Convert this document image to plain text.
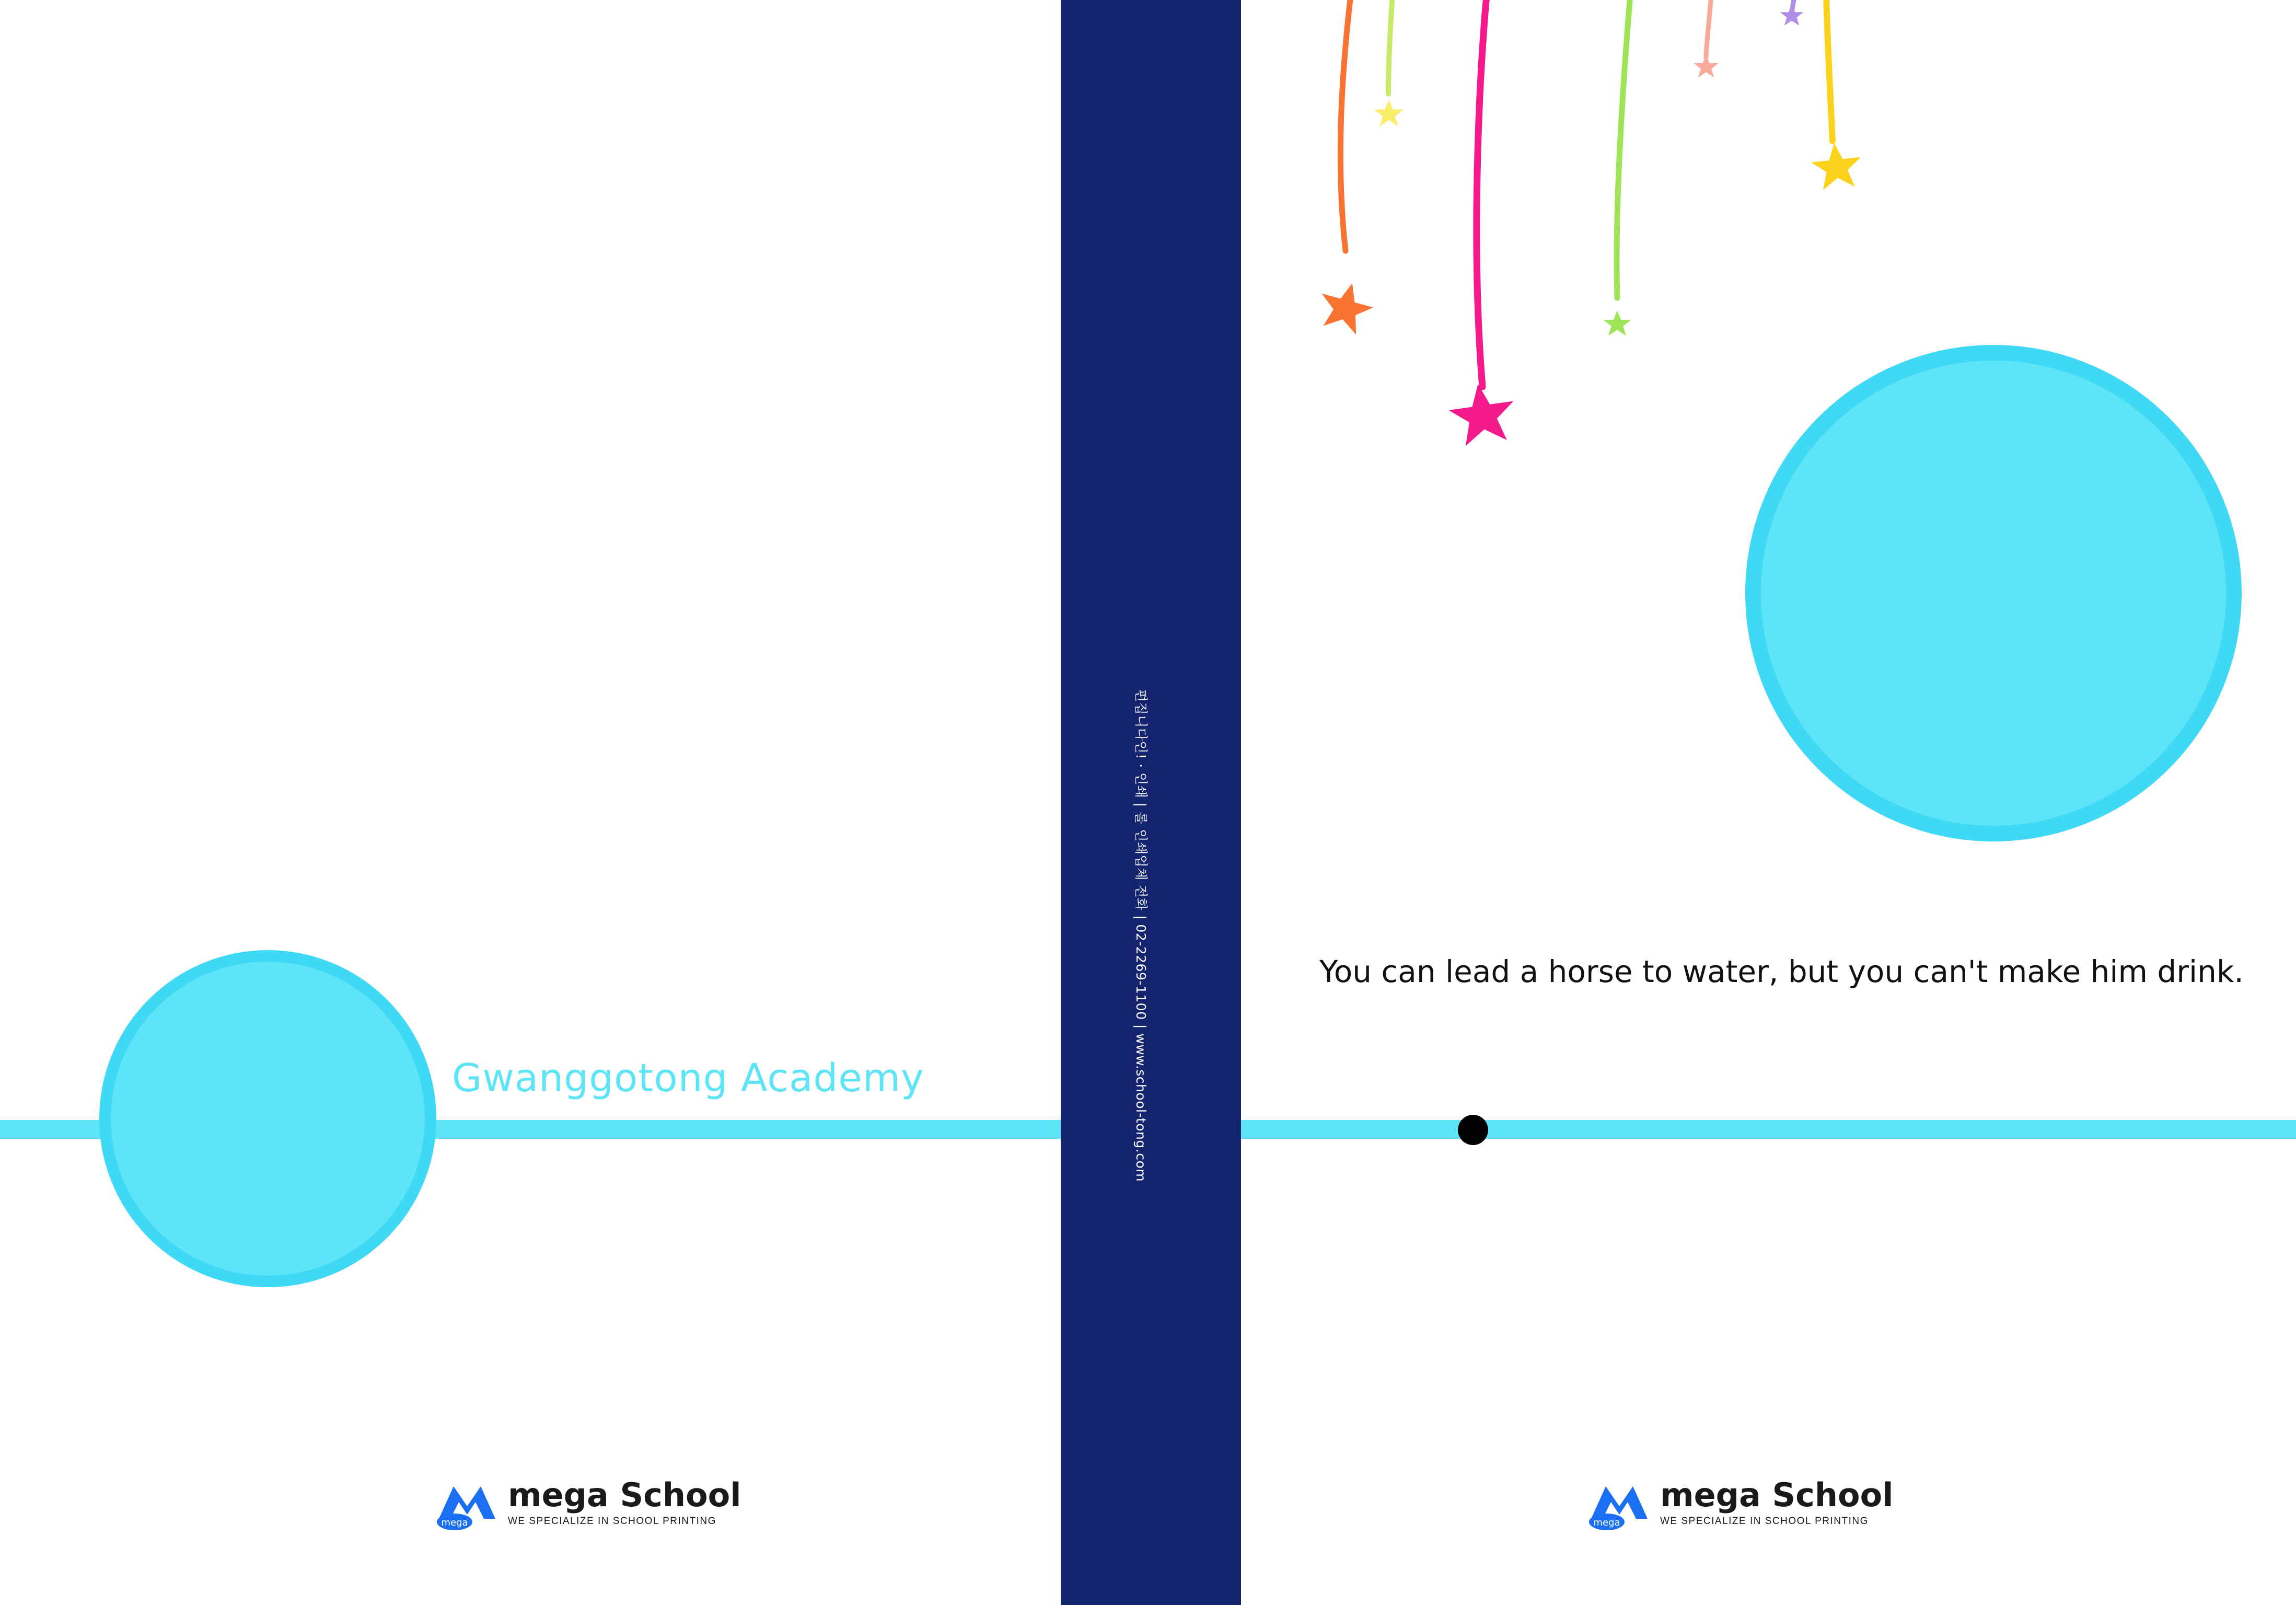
Gwanggotong Academy	편집니다인! · 인쇄 | 롤 인쇄업체 전화 | 02-2269-1100 | www.school-tong.com	You can lead a horse to water, but you can't make him drink.
mega
mega School
WE SPECIALIZE IN SCHOOL PRINTING	mega
mega School
WE SPECIALIZE IN SCHOOL PRINTING
